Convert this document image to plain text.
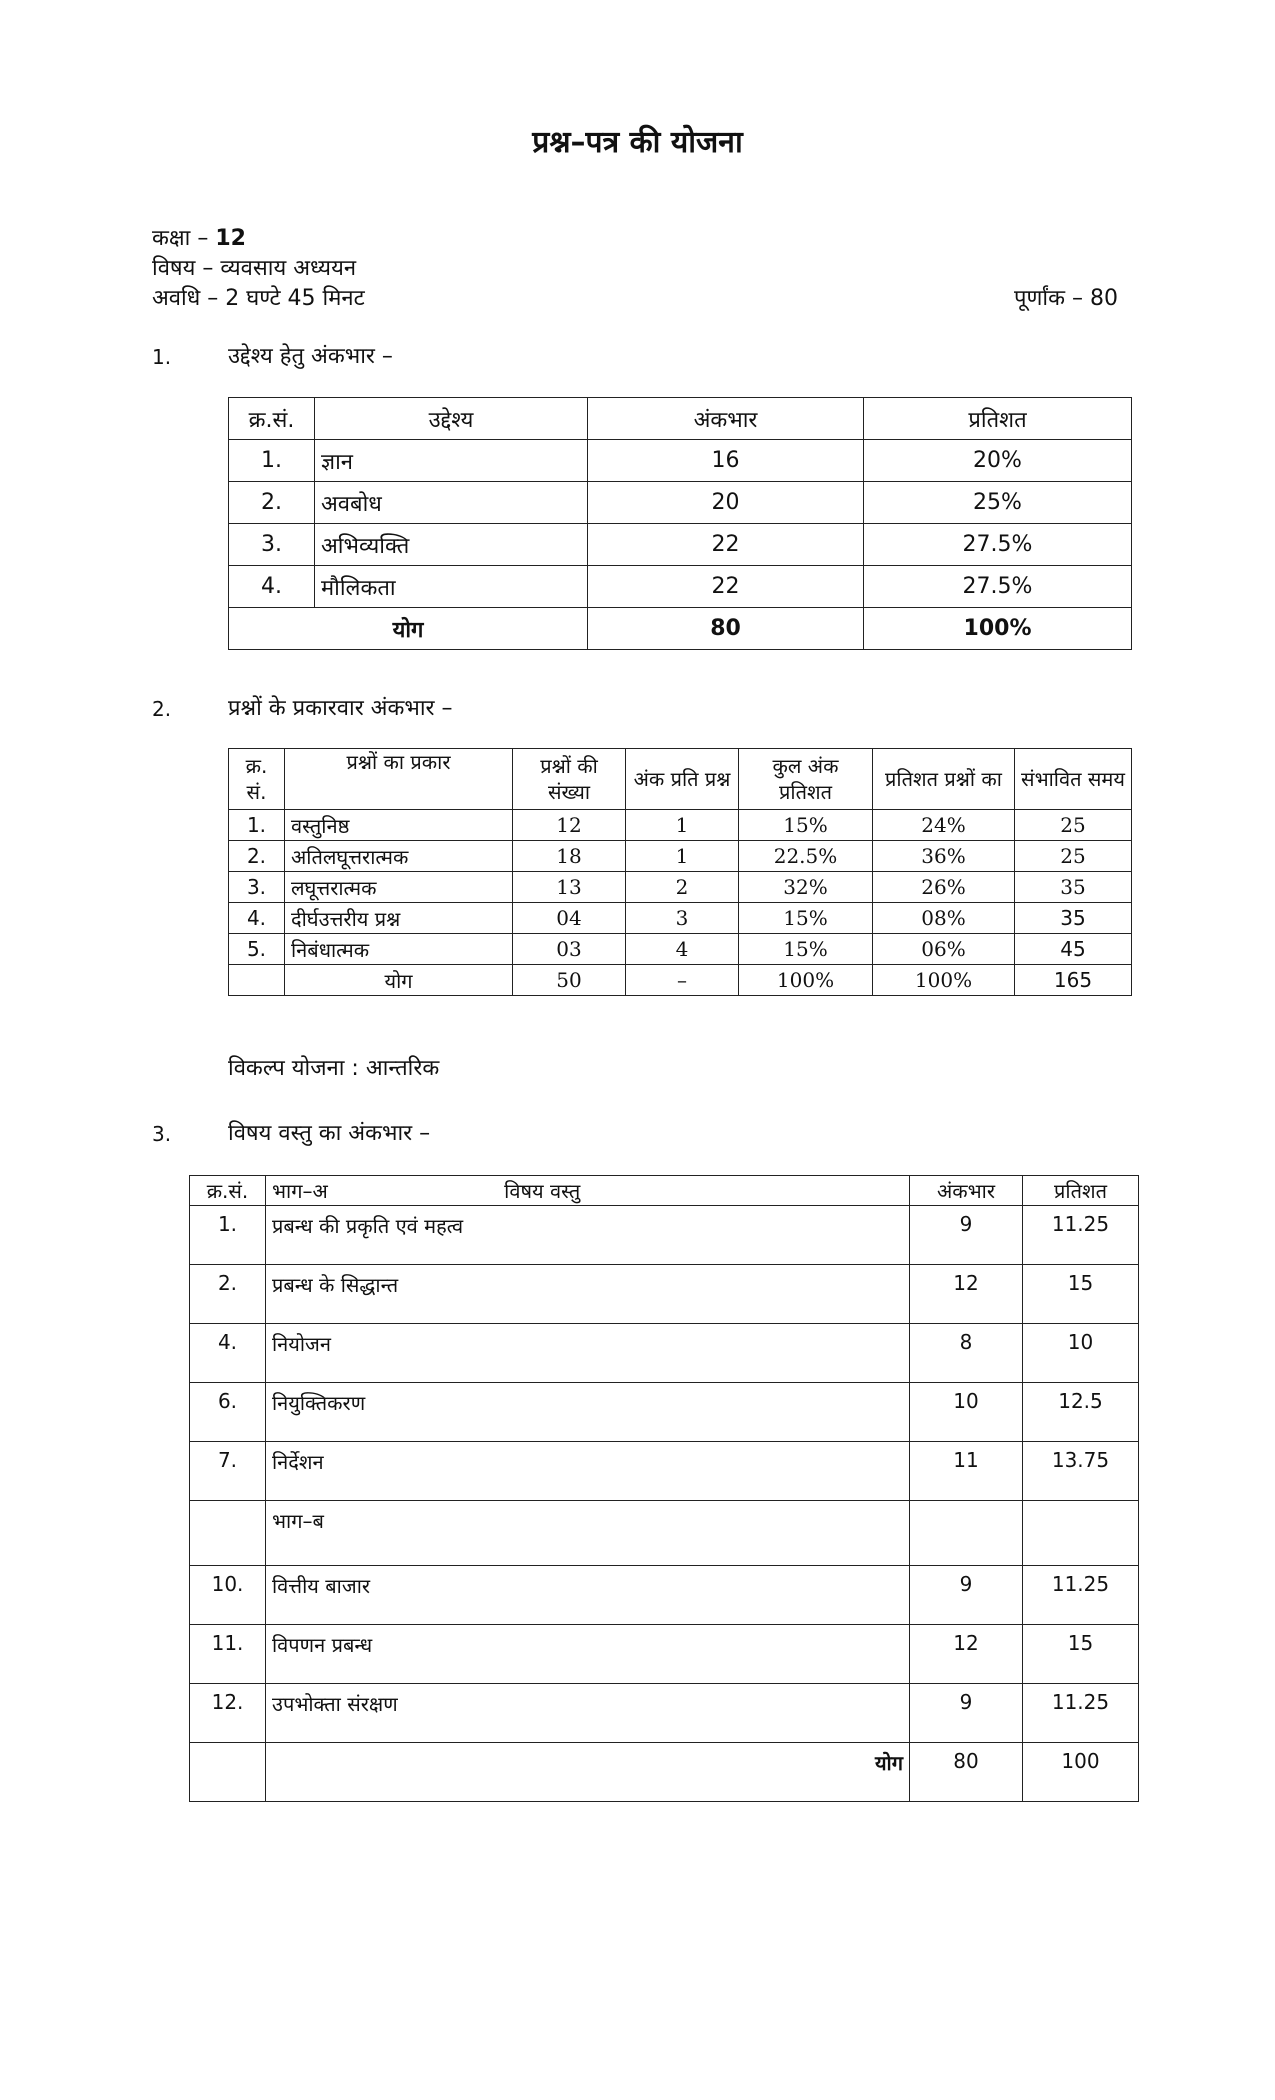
प्रश्न–पत्र की योजना
कक्षा – 12
विषय – व्यवसाय अध्ययन
अवधि – 2 घण्टे 45 मिनट	पूर्णांक – 80
1.	उद्देश्य हेतु अंकभार –
क्र.सं.	उद्देश्य	अंकभार	प्रतिशत
1.	ज्ञान	16	20%
2.	अवबोध	20	25%
3.	अभिव्यक्ति	22	27.5%
4.	मौलिकता	22	27.5%
योग		80	100%
2.	प्रश्नों के प्रकारवार अंकभार –
क्र. सं.	प्रश्नों का प्रकार	प्रश्नों की संख्या	अंक प्रति प्रश्न	कुल अंक प्रतिशत	प्रतिशत प्रश्नों का	संभावित समय
1.	वस्तुनिष्ठ	12	1	15%	24%	25
2.	अतिलघूत्तरात्मक	18	1	22.5%	36%	25
3.	लघूत्तरात्मक	13	2	32%	26%	35
4.	दीर्घउत्तरीय प्रश्न	04	3	15%	08%	35
5.	निबंधात्मक	03	4	15%	06%	45
	योग	50	–	100%	100%	165
विकल्प योजना : आन्तरिक
3.	विषय वस्तु का अंकभार –
क्र.सं.	भाग–अ विषय वस्तु	अंकभार	प्रतिशत
1.	प्रबन्ध की प्रकृति एवं महत्व	9	11.25
2.	प्रबन्ध के सिद्धान्त	12	15
4.	नियोजन	8	10
6.	नियुक्तिकरण	10	12.5
7.	निर्देशन	11	13.75
	भाग–ब		
10.	वित्तीय बाजार	9	11.25
11.	विपणन प्रबन्ध	12	15
12.	उपभोक्ता संरक्षण	9	11.25
	योग	80	100
